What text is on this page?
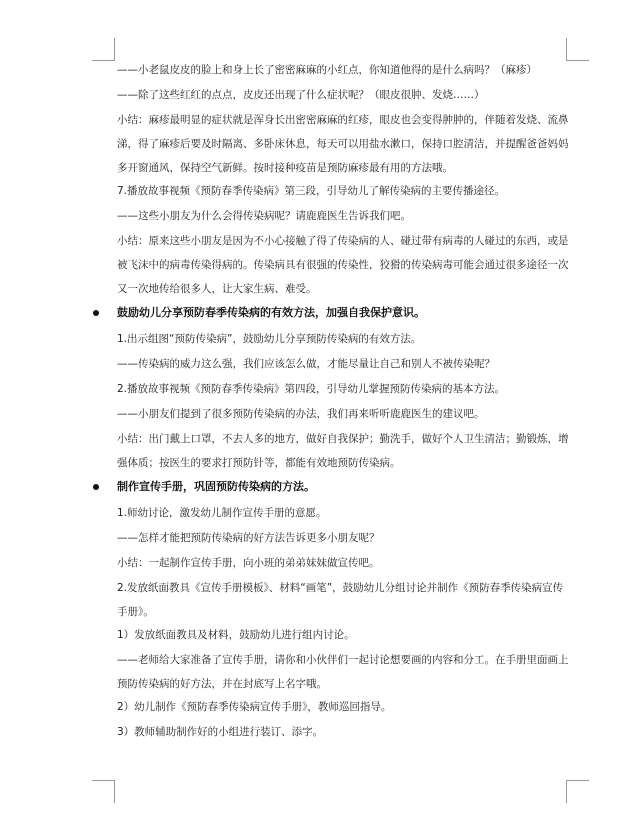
——小老鼠皮皮的脸上和身上长了密密麻麻的小红点，你知道他得的是什么病吗？（麻疹）

——除了这些红红的点点，皮皮还出现了什么症状呢？（眼皮很肿、发烧……）

小结：麻疹最明显的症状就是浑身长出密密麻麻的红疹，眼皮也会变得肿肿的，伴随着发烧、流鼻涕，得了麻疹后要及时隔离、多卧床休息，每天可以用盐水漱口，保持口腔清洁，并提醒爸爸妈妈多开窗通风，保持空气新鲜。按时接种疫苗是预防麻疹最有用的方法哦。

7.播放故事视频《预防春季传染病》第三段，引导幼儿了解传染病的主要传播途径。

——这些小朋友为什么会得传染病呢？请鹿鹿医生告诉我们吧。

小结：原来这些小朋友是因为不小心接触了得了传染病的人、碰过带有病毒的人碰过的东西，或是被飞沫中的病毒传染得病的。传染病具有很强的传染性，狡猾的传染病毒可能会通过很多途径一次又一次地传给很多人，让大家生病、难受。

鼓励幼儿分享预防春季传染病的有效方法，加强自我保护意识。

1.出示组图“预防传染病”，鼓励幼儿分享预防传染病的有效方法。

——传染病的威力这么强，我们应该怎么做，才能尽量让自己和别人不被传染呢？

2.播放故事视频《预防春季传染病》第四段，引导幼儿掌握预防传染病的基本方法。

——小朋友们提到了很多预防传染病的办法，我们再来听听鹿鹿医生的建议吧。

小结：出门戴上口罩，不去人多的地方，做好自我保护；勤洗手，做好个人卫生清洁；勤锻炼，增强体质；按医生的要求打预防针等，都能有效地预防传染病。

制作宣传手册，巩固预防传染病的方法。

1.师幼讨论，激发幼儿制作宣传手册的意愿。

——怎样才能把预防传染病的好方法告诉更多小朋友呢？

小结：一起制作宣传手册，向小班的弟弟妹妹做宣传吧。

2.发放纸面教具《宣传手册模板》、材料“画笔”，鼓励幼儿分组讨论并制作《预防春季传染病宣传手册》。

1）发放纸面教具及材料，鼓励幼儿进行组内讨论。

——老师给大家准备了宣传手册，请你和小伙伴们一起讨论想要画的内容和分工。在手册里面画上预防传染病的好方法，并在封底写上名字哦。

2）幼儿制作《预防春季传染病宣传手册》，教师巡回指导。

3）教师辅助制作好的小组进行装订、添字。
